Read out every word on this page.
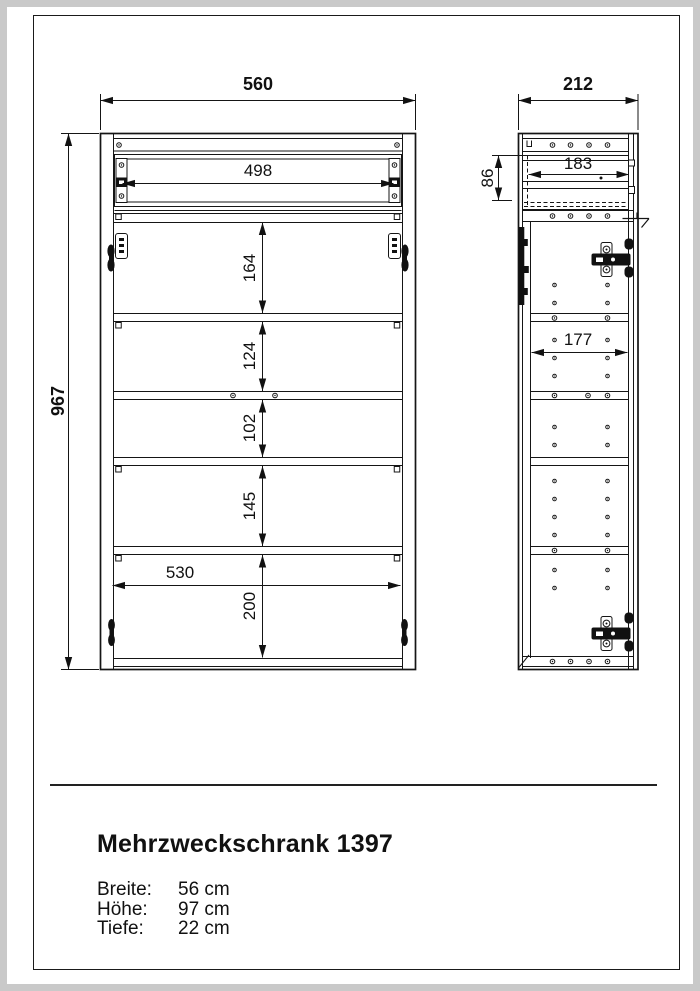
560	212
967
498	183
86
177
530
164
124
102
145
200
Mehrzweckschrank 1397
Breite:	56 cm
Höhe:	97 cm
Tiefe:	22 cm
